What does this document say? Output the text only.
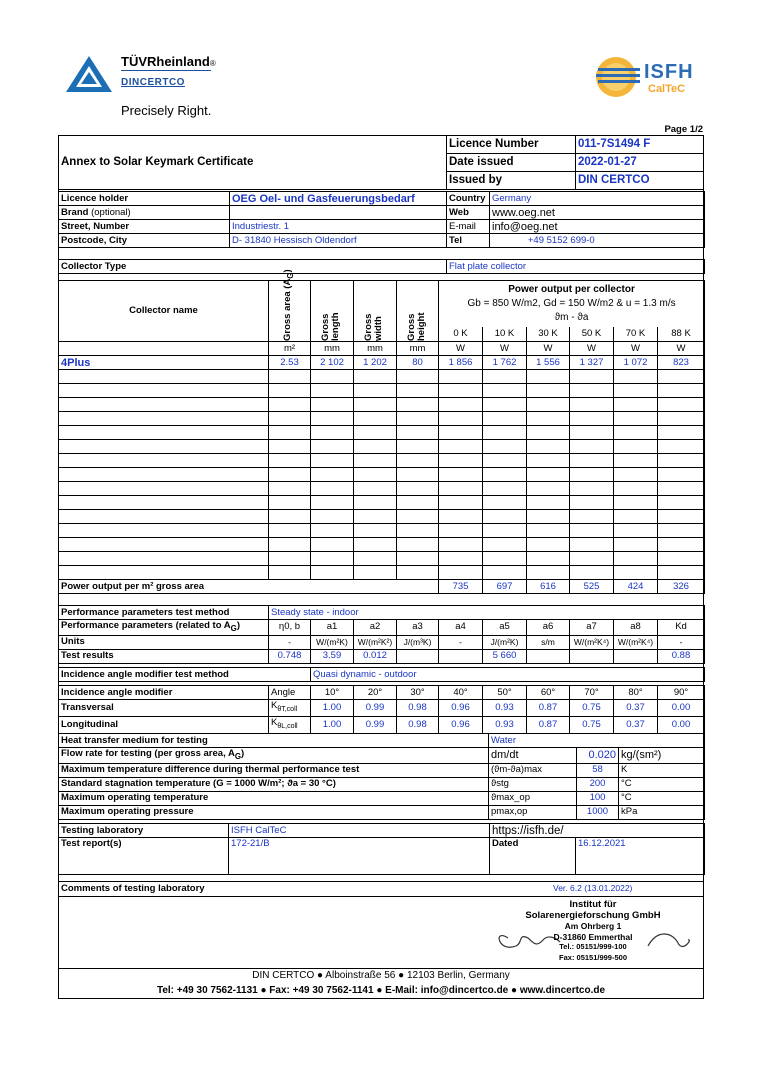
TÜVRheinland®
DINCERTCO
Precisely Right.
ISFH
CalTeC
Page 1/2
Annex to Solar Keymark Certificate
Licence Number	011-7S1494 F
Date issued	2022-01-27
Issued by	DIN CERTCO
Licence holder	OEG Oel- und Gasfeuerungsbedarf	Country	Germany
Brand (optional)		Web	www.oeg.net
Street, Number	Industriestr. 1	E-mail	info@oeg.net
Postcode, City	D- 31840 Hessisch Oldendorf	Tel	+49 5152 699-0
Collector Type	Flat plate collector
Collector name	Gross area $(A_G)$	Gross length	Gross width	Gross height	Power output per collector
Gb = 850 W/m2, Gd = 150 W/m2 & u = 1.3 m/s
ϑm - ϑa					

					0 K	10 K	30 K	50 K	70 K	88 K
	m²	mm	mm	mm	W	W	W	W	W	W
4Plus	2.53	2 102	1 202	80	1 856	1 762	1 556	1 327	1 072	823

Power output per m² gross area					735	697	616	525	424	326
Performance parameters test method	Steady state - indoor									
Performance parameters (related to $A_G$)	η0, b	a1	a2	a3	a4	a5	a6	a7	a8	Kd
Units	-	W/(m²K)	W/(m²K²)	J/(m³K)	-	J/(m²K)	s/m	W/(m²K⁴)	W/(m²K⁴)	-
Test results	0.748	3.59	0.012			5 660				0.88
Incidence angle modifier test method	Quasi dynamic - outdoor
Incidence angle modifier	Angle	10°	20°	30°	40°	50°	60°	70°	80°	90°
Transversal	$K_{\theta T,coll}$	1.00	0.99	0.98	0.96	0.93	0.87	0.75	0.37	0.00
Longitudinal	$K_{\theta L,coll}$	1.00	0.99	0.98	0.96	0.93	0.87	0.75	0.37	0.00
Heat transfer medium for testing	Water		
Flow rate for testing (per gross area, $A_G$)	dm/dt	0.020	kg/(sm²)
Maximum temperature difference during thermal performance test	(ϑm-ϑa)max	58	K
Standard stagnation temperature (G = 1000 W/m²; ϑa = 30 °C)	ϑstg	200	°C
Maximum operating temperature	ϑmax_op	100	°C
Maximum operating pressure	pmax,op	1000	kPa
Testing laboratory	ISFH CalTeC	https://isfh.de/	
Test report(s)	172-21/B	Dated	16.12.2021
Comments of testing laboratory	Ver. 6.2 (13.01.2022)
Institut für
Solarenergieforschung GmbH
Am Ohrberg 1
D-31860 Emmerthal
Tel.: 05151/999-100
Fax: 05151/999-500
DIN CERTCO ● Alboinstraße 56 ● 12103 Berlin, Germany
Tel: +49 30 7562-1131 ● Fax: +49 30 7562-1141 ● E-Mail: info@dincertco.de ● www.dincertco.de
